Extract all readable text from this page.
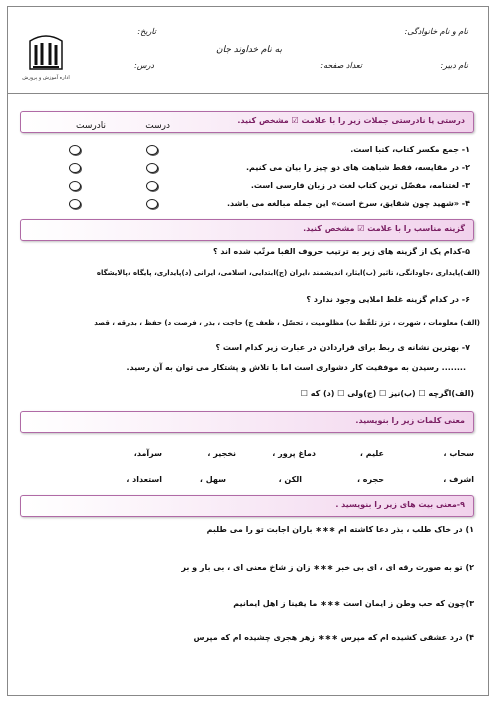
نام و نام خانوادگی:
تاریخ:
به نام خداوند جان
نام دبیر:
تعداد صفحه:
درس:
اداره آموزش و پرورش
درستی یا نادرستی جملات زیر را با علامت ☑ مشخص کنید.
درست
نادرست
۱- جمع مکسر کتاب، کتبا است.
۲- در مقایسه، فقط شباهت های دو چیز را بیان می کنیم.
۳- لغتنامه، مفصّل ترین کتاب لغت در زبان فارسی است.
۴- «شهید چون شقایق، سرخ است» این جمله مبالغه می باشد.
گزینه مناسب را با علامت ☑ مشخص کنید.
۵-کدام یک از گزینه های زیر به ترتیب حروف الفبا مرتّب شده اند ؟
(الف)پایداری ،جاودانگی، تاثیر (ب)ایثار، اندیشمند ،ایران (ج)ابتدایی، اسلامی، ایرانی (د)پایداری، پایگاه ،پالایشگاه
۶- در کدام گزینه غلط املایی وجود ندارد ؟
(الف) معلومات ، شهرت ، ترز تلفّظ ب) مظلومیت ، تحسّل ، ظعف ج) حاجت ، بذر ، فرصت د) حفظ ، بدرقه ، قصد
۷- بهترین نشانه ی ربط برای قراردادن در عبارت زیر کدام است ؟
........ رسیدن به موفقیت کار دشواری است اما با تلاش و پشتکار می توان به آن رسید.
(الف)اگرچه ☐ (ب)نیز ☐ (ج)ولی ☐ (د) که ☐
معنی کلمات زیر را بنویسید.
سحاب ،
علیم ،
دماغ پرور ،
نخجیر ،
سرآمد،
اشرف ،
حجره ،
الکن ،
سهل ،
استعداد ،
۹-معنی بیت های زیر را بنویسید .
۱) در خاک طلب ، بذر دعا کاشته ام ∗∗∗ باران اجابت تو را می طلبم
۲) تو به صورت رقه ای ، ای بی خبر ∗∗∗ زان ز شاخ معنی ای ، بی بار و بر
۳)چون که حب وطن ز ایمان است ∗∗∗ ما یقینا ز اهل ایمانیم
۴) درد عشقی کشیده ام که مپرس ∗∗∗ زهر هجری چشیده ام که مپرس
